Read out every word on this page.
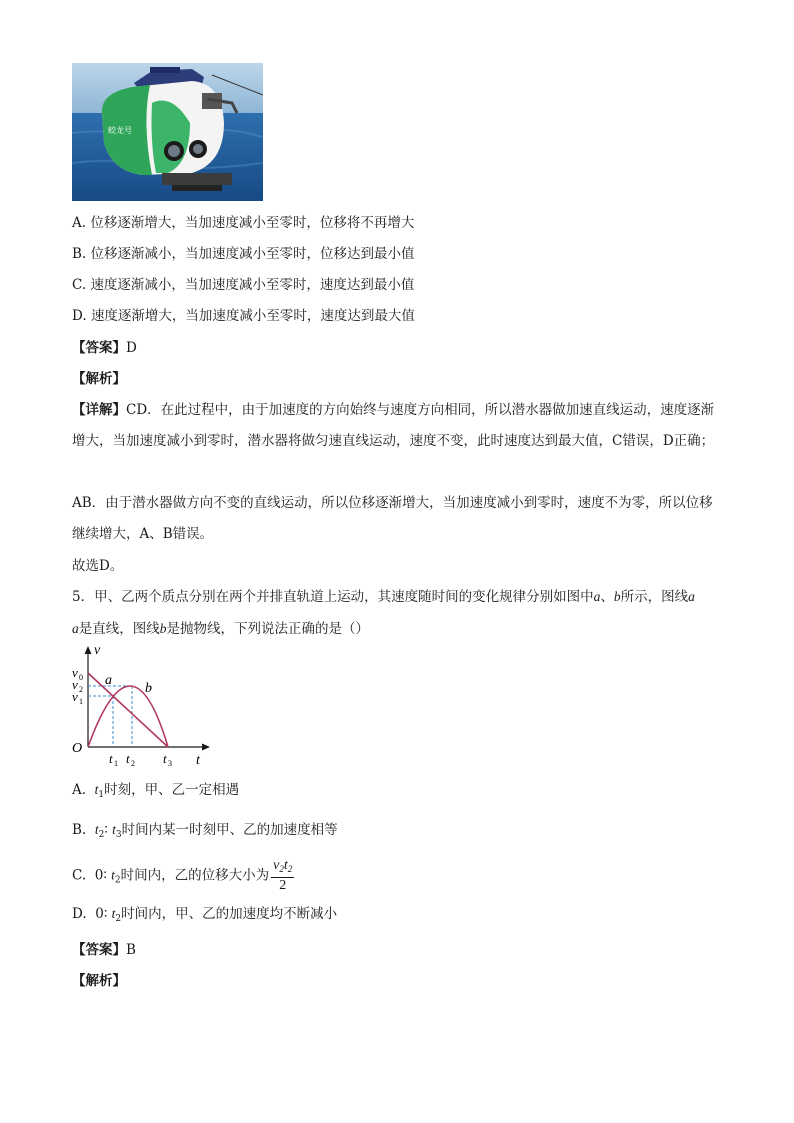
蛟龙号
A. 位移逐渐增大，当加速度减小至零时，位移将不再增大
B. 位移逐渐减小，当加速度减小至零时，位移达到最小值
C. 速度逐渐减小，当加速度减小至零时，速度达到最小值
D. 速度逐渐增大，当加速度减小至零时，速度达到最大值
【答案】D
【解析】
【详解】CD．在此过程中，由于加速度的方向始终与速度方向相同，所以潜水器做加速直线运动，速度逐渐增大，当加速度减小到零时，潜水器将做匀速直线运动，速度不变，此时速度达到最大值，C错误，D正确；
AB．由于潜水器做方向不变的直线运动，所以位移逐渐增大，当加速度减小到零时，速度不为零，所以位移继续增大，A、B错误。
故选D。
5．甲、乙两个质点分别在两个并排直轨道上运动，其速度随时间的变化规律分别如图中a、b所示，图线a
a是直线，图线b是抛物线，下列说法正确的是（）
v
O
t
v 0
v 2
v 1
t 1 t 2 t 3
a
b
A. $t_1$时刻，甲、乙一定相遇
B. $t_2∶$ $t_3$时间内某一时刻甲、乙的加速度相等
C. 0∶ $t_2$时间内，乙的位移大小为 $\frac{v_2t_2}{2}$
D. 0∶ $t_2$时间内，甲、乙的加速度均不断减小
【答案】B
【解析】
